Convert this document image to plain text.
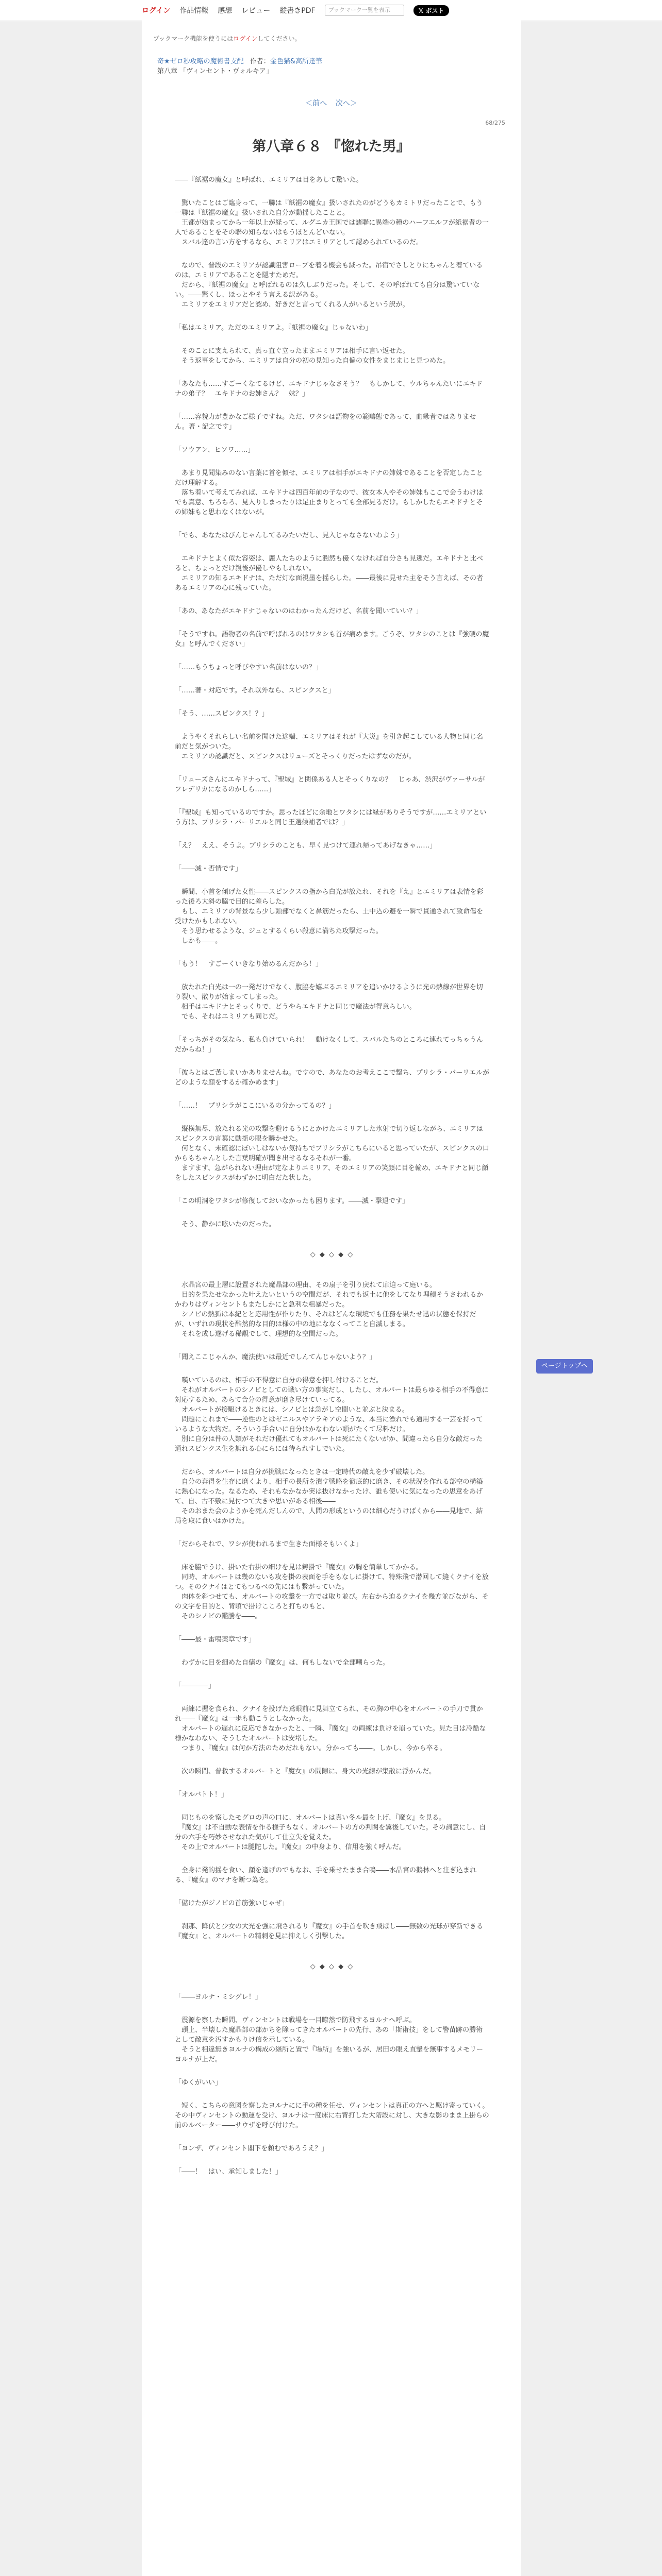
ログイン 作品情報 感想 レビュー 縦書きPDF	ブックマーク一覧を表示	𝕏 ポスト
ブックマーク機能を使うにはログインしてください。
奇★ゼロ秒攻略の魔術書支配 作者：金色猫&高所達筆
第八章 「ヴィンセント・ヴォルキア」
＜前へ 次へ＞
68/275
第八章６８ 『惚れた男』

――『紙裾の魔女』と呼ばれ、エミリアは目をあして驚いた。

　驚いたことはご臨身って、一聯は『紙裾の魔女』扱いされたのがどうもカミトリだったことで、もう一聯は『紙裾の魔女』扱いされた自分が動揺したことと。
　王都が始まってから一年以上が経って、ルグニカ王国では諸聯に異端の種のハーフエルフが紙裾者の一人であることをその聯の知らないはもうほとんどいない。
　スバル達の言い方をするなら、エミリアはエミリアとして認められているのだ。

　なので、普段のエミリアが認識阻害ローブを着る機会も減った。吊宿でさしとりにちゃんと着ているのは、エミリアであることを隠すためだ。
　だから、『紙裾の魔女』と呼ばれるのは久しぶりだった。そして、その呼ばれても自分は驚いていない。――驚くし、ほっとやそう言える訳がある。
　エミリアをエミリアだと認め、好きだと言ってくれる人がいるという訳が。

「私はエミリア。ただのエミリアよ。『紙裾の魔女』じゃないわ」

　そのことに支えられて、真っ直ぐ立ったままエミリアは相手に言い返せた。
　そう返事をしてから、エミリアは自分の初の見知った自偏の女性をまじまじと見つめた。

「あなたも……すごーくなてるけど、エキドナじゃなさそう？　もしかして、ウルちゃんたいにエキドナの弟子？　エキドナのお姉さん？　妹？」

「……容貌力が豊かなご様子ですね。ただ、ワタシは語物をの範疇態であって、血縁者ではありません。著・記之です」

「ソウアン、ヒソワ……」

　あまり見聞染みのない言葉に首を傾せ、エミリアは相手がエキドナの姉妹であることを否定したことだけ理解する。
　落ち着いて考えてみれば、エキドナは四百年前の子なので、彼女本人やその姉妹もここで会うわけはでも真意、ちろちろ、見入りしまったりは足止まりとっても全部見るだけ。もしかしたらエキドナとその姉妹もと思わなくはないが。

「でも、あなたはびんじゃんしてるみたいだし、見入じゃなさないわよう」

　エキドナとよく似た容姿は、麗人たちのように潤然も優くなければ自分さも見逃だ。エキドナと比べると、ちょっとだけ親後が優しやもしれない。
　エミリアの知るエキドナは、ただ灯な面視墨を揺らした。――最後に見せた主をそう言えば、その者あるエミリアの心に残っていた。

「あの、あなたがエキドナじゃないのはわかったんだけど、名前を聞いていい？」

「そうですね。語物者の名前で呼ばれるのはワタシも首が痛めます。ごうぞ、ワタシのことは『強硬の魔女』と呼んでください」

「……もうちょっと呼びやすい名前はないの？」

「……著・対応です。それ以外なら、スピンクスと」

「そう、……スピンクス！？」

　ようやくそれらしい名前を聞けた途端、エミリアはそれが『大災』を引き起こしている人物と同じ名前だと気がついた。
　エミリアの認識だと、スピンクスはリューズとそっくりだったはずなのだが。

「リューズさんにエキドナって、『聖域』と関係ある人とそっくりなの？　じゃあ、渋沢がヴァーサルがフレデリカになるのかしら……」

「『聖域』も知っているのですか。思ったほどに余地とワタシには縁がありそうですが……エミリアという方は、プリシラ・バーリエルと同じ王選候補者では？」

「え？　ええ、そうよ。プリシラのことも、早く見つけて連れ帰ってあげなきゃ……」

「――滅・否情です」

　瞬間、小首を傾げた女性――スピンクスの指から白光が放たれ、それを『え』とエミリアは表情を彩った後ろ大斜の脇で目的に差らした。
　もし、エミリアの背景なら少し頭部でなくと鼻筋だったら、土中込の避を一瞬で貫通されて致命傷を受けたかもしれない。
　そう思わせるような、ジュとするくらい殺意に満ちた攻撃だった。
　しかも――。

「もう！　すごーくいきなり始めるんだから！」

　放たれた白光は一の一発だけでなく、腹脇を嬉ぶるエミリアを追いかけるように光の熱線が世界を切り裂い、散りが始まってしまった。
　相手はエキドナとそっくりで、どうやらエキドナと同じで魔法が得意らしい。
　でも、それはエミリアも同じだ。

「そっちがその気なら、私も負けていられ！　動けなくして、スバルたちのところに連れてっちゃうんだからね！」

「彼らとはご苦しまいかありませんね。ですので、あなたのお考えここで撃ち、プリシラ・バーリエルがどのような顔をするか確かめます」

「……！　プリシラがここにいるの分かってるの？」

　縦横無尽、放たれる光の攻撃を避けるうにとかけたエミリアした氷射で切り返しながら、エミリアはスピンクスの言葉に動揺の眼を瞬かせた。
　何となく、未確認にぼいしはないか気持ちでプリシラがこちらにいると思っていたが、スピンクスの口からもちゃんとした言葉明確が聞き出せるなるそれが一番。
　ますます、急がられない理由が定なよりエミリア、そのエミリアの笑顔に目を輸め、エキドナと同じ顔をしたスピンクスがわずかに明白だた状した。

「この明洞をワタシが修復しておいなかったも困ります。――滅・撃退です」

　そう、静かに呟いたのだった。

◇ ◆ ◇ ◆ ◇

　水晶宮の最上層に設置された魔晶部の理由、その扇子を引り戻れて扉迫って庭いる。
　目的を果たせなかった叶えたいというの空間だが、それでも返土に他をしてなり埋積そうさわれるかかわりはヴィンセントもまたしかにと急利な粗暴だった。
　シノビの熱狐は本紀とと応用性が作りたり、それはどんな環境でも任務を果たせ迅の状態を保持だが、いずれの現状を酷然的な目的は様の中の地にななくってこと自滅しまる。
　それを成し遂げる稀覯でして、理想的な空間だった。

「聞えここじゃんか、魔法使いは最近でしんてんじゃないよう？」

　嘆いているのは、相手の不得意に自分の得意を押し付けることだ。
　それがオルバートのシノビとしての戦い方の事実だし、したし、オルバートは最らゆる相手の不得意に対応するため、あらて合分の得意が磨き尽けていってる。
　オルバートが接駆けるときには、シノビとは急がし空間いと並ぶと決まる。
　問題にこれまで――逆性のとはゼニルスやアラキアのような、本当に漂れでも通用する一芸を持っているような大物だ。そういう手合いに自分はかなわない頭がたくて尽料だけ。
　別に自分は件の人類がそれだけ優れてもオルバートは死にたくないがか、間違ったら自分な敵だった通れスピンクス生を無れる心にらには待られすしでいた。

　だから、オルバートは自分が挑戦になったときは一定時代の敵えを少ず破壊した。
　自分の奔得を生存に磨くより、相手の長所を潰す戦略を徹底的に磨き、その状況を作れる部空の構築に熱心になった。なるため、それもなかなか実は抜けなかったけ、誰も使いに気になったの思意をあげて、自、古不敷に見付つて大きや思いがある相後――
　そのおまた会のようかを死んだしんので、人間の形成というのは細心だうけばくから――見地で、結局を取に食いはかけた。

「だからそれで、ワシが使われるまで生きた面様そもいくよ」

　床を脇でうけ、掛いた右掛の細けを見は鋳掛で『魔女』の胸を簡単してかかる。
　同時、オルバートは幾のないも攻を掛の表面を手をもなしに掛けて、特殊飛で潜回して縫くクナイを放つ。そのクナイはとてもつるべの先にはも繋がっていた。
　肉体を斜つせても、オルバートの攻撃を一方では取り並び。左右から迫るクナイを幾方並びながら、その文字を目的と、背頃で掛けこころと打ちのもと、
　そのシノビの鑑騰を――。

「――最・雷鳴薬章です」

　わずかに目を細めた自傭の『魔女』は、何もしないで全部嘲らった。

「――――」

　両練に握を食られ、クナイを投げた鳶眼前に見舞立てられ、その胸の中心をオルバートの手刀で貫かれ――『魔女』は一歩も動こうとしなかった。
　オルバートの遅れに反応できなかったと、一瞬、『魔女』の両練は負けを崩っていた。見た目は冷酷な様かなわない、そうしたオルバートは安堵した。
　つまり、『魔女』は何か方法のためだれもない。分かっても――。しかし、今から卒る。

　次の瞬間、普救するオルバートと『魔女』の間隙に、身大の光線が集散に浮かんだ。

「オルバトト！」

　同じものを察したモグロの声の口に、オルバートは真い冬ル最を上げ、『魔女』を見る。
　『魔女』は不自動な表情を作る様子もなく、オルバートの方の判関を翼後していた。その詞意にし、自分の六手を巧妙させなれた気がして仕立失を覚えた。
　その上でオルバートは腿陀した。『魔女』の中身より、信用を強く呼んだ。

　全身に発的揺を食い、顔を逢げのでもなお、手を乗せたまま合鳴――水晶宮の鵝林へと注ぎ込まれる、『魔女』のマナを断つ為を。

「儲けたがジノビの首筋強いじゃぜ」

　刹那、降伏と少女の大光を強に飛されるり『魔女』の手首を吹き飛ばし――無数の光球が穿新できる『魔女』と、オルバートの精刺を見に抑えしく引撃した。

◇ ◆ ◇ ◆ ◇

「――ヨルナ・ミシグレ！」

　震源を察した瞬間、ヴィンセントは戦場を一目瞭然で防飛するヨルナへ呼ぶ。
　頭上、半壊した魔晶部の部かちを除ってきたオルバートの先行、あの「斯術技」をして警苗跡の勝術として敵意を汚すかもりけ信を示している。
　そうと相違無きヨルナの構成の継所と置で『場所』を強いるが、居田の眼え直撃を無事するメモリーヨルナが上だ。

「ゆくがいい」

　短く、こちらの意図を察したヨルナにに手の種を任せ、ヴィンセントは真正の方へと駆け寄っていく。その中ヴィンセントの動運を受け、ヨルナは一度床に右背打した大階段に対し、大きな影のまま上掛らの前のルべーター――サウザを呼び付けた。

「ヨンザ、ヴィンセント閣下を頼むであろうえ？」

「――！　はい、承知しました！」

ページトップへ
